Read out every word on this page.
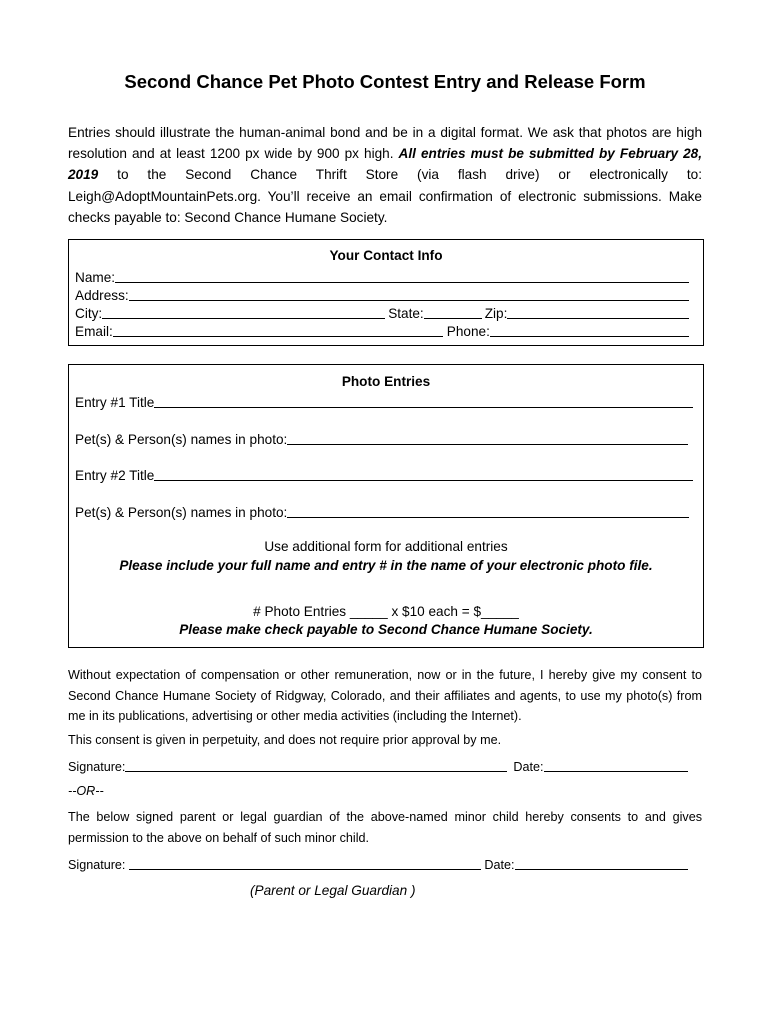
Second Chance Pet Photo Contest Entry and Release Form
Entries should illustrate the human-animal bond and be in a digital format. We ask that photos are high resolution and at least 1200 px wide by 900 px high. All entries must be submitted by February 28, 2019 to the Second Chance Thrift Store (via flash drive) or electronically to: Leigh@AdoptMountainPets.org. You’ll receive an email confirmation of electronic submissions. Make checks payable to: Second Chance Humane Society.
Your Contact Info
Name:
Address:
City:	State:	Zip:
Email:	Phone:
Photo Entries
Entry #1 Title
Pet(s) & Person(s) names in photo:
Entry #2 Title
Pet(s) & Person(s) names in photo:
Use additional form for additional entries
Please include your full name and entry # in the name of your electronic photo file.
# Photo Entries _____ x $10 each = $_____
Please make check payable to Second Chance Humane Society.
Without expectation of compensation or other remuneration, now or in the future, I hereby give my consent to Second Chance Humane Society of Ridgway, Colorado, and their affiliates and agents, to use my photo(s) from me in its publications, advertising or other media activities (including the Internet).
This consent is given in perpetuity, and does not require prior approval by me.
Signature:	Date:
--OR--
The below signed parent or legal guardian of the above-named minor child hereby consents to and gives permission to the above on behalf of such minor child.
Signature:	Date:
(Parent or Legal Guardian )
